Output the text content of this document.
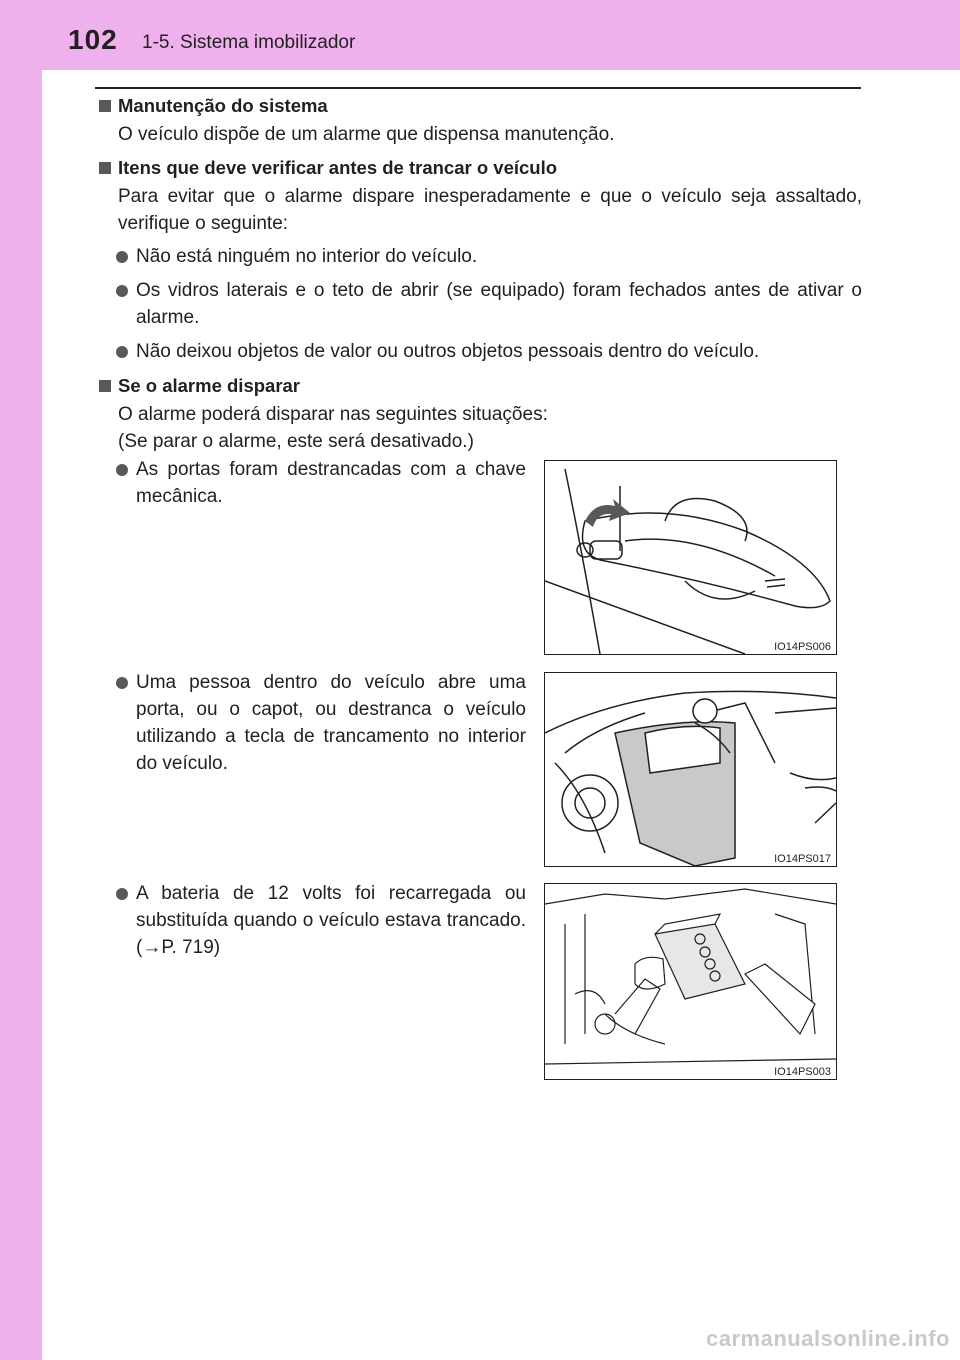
102 1-5. Sistema imobilizador

Manutenção do sistema

O veículo dispõe de um alarme que dispensa manutenção.

Itens que deve verificar antes de trancar o veículo

Para evitar que o alarme dispare inesperadamente e que o veículo seja assaltado, verifique o seguinte:

Não está ninguém no interior do veículo.
Os vidros laterais e o teto de abrir (se equipado) foram fechados antes de ativar o alarme.
Não deixou objetos de valor ou outros objetos pessoais dentro do veículo.

Se o alarme disparar

O alarme poderá disparar nas seguintes situações:
(Se parar o alarme, este será desativado.)

As portas foram destrancadas com a chave mecânica.
Uma pessoa dentro do veículo abre uma porta, ou o capot, ou destranca o veículo utilizando a tecla de trancamento no interior do veículo.
A bateria de 12 volts foi recarregada ou substituída quando o veículo estava trancado. (→P. 719)
IO14PS006
IO14PS017
IO14PS003
carmanualsonline.info
